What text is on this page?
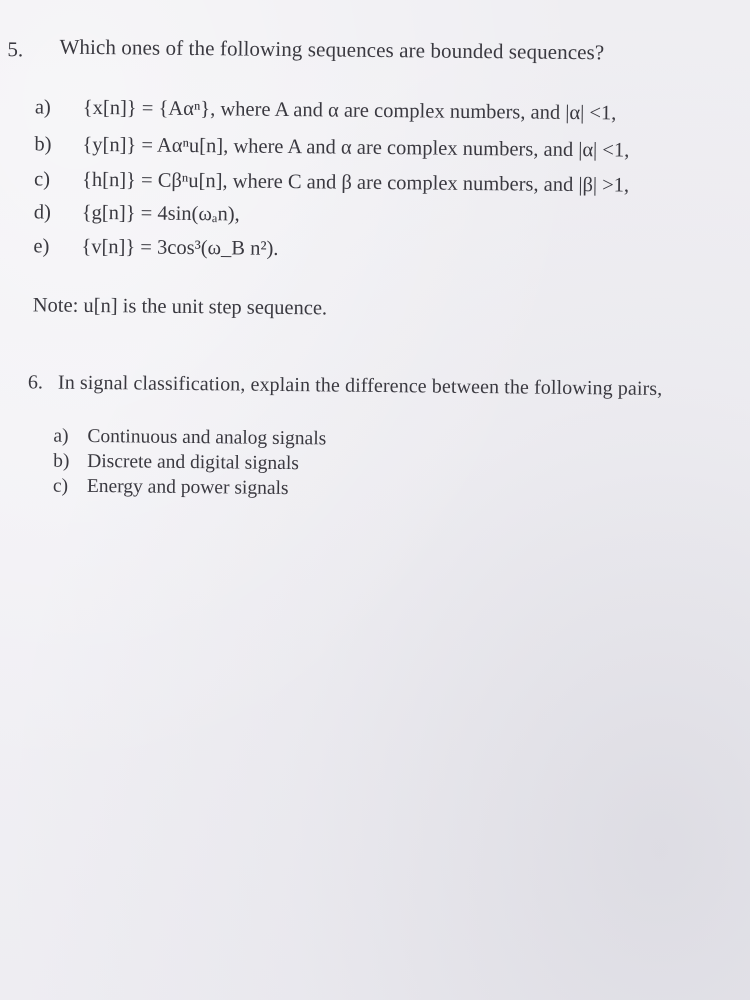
5. Which ones of the following sequences are bounded sequences?
a) {x[n]} = {Aαⁿ}, where A and α are complex numbers, and |α| <1,
b) {y[n]} = Aαⁿu[n], where A and α are complex numbers, and |α| <1,
c) {h[n]} = Cβⁿu[n], where C and β are complex numbers, and |β| >1,
d) {g[n]} = 4sin(ωₐn),
e) {v[n]} = 3cos³(ω_B n²).
Note: u[n] is the unit step sequence.
6. In signal classification, explain the difference between the following pairs,
a) Continuous and analog signals
b) Discrete and digital signals
c) Energy and power signals
